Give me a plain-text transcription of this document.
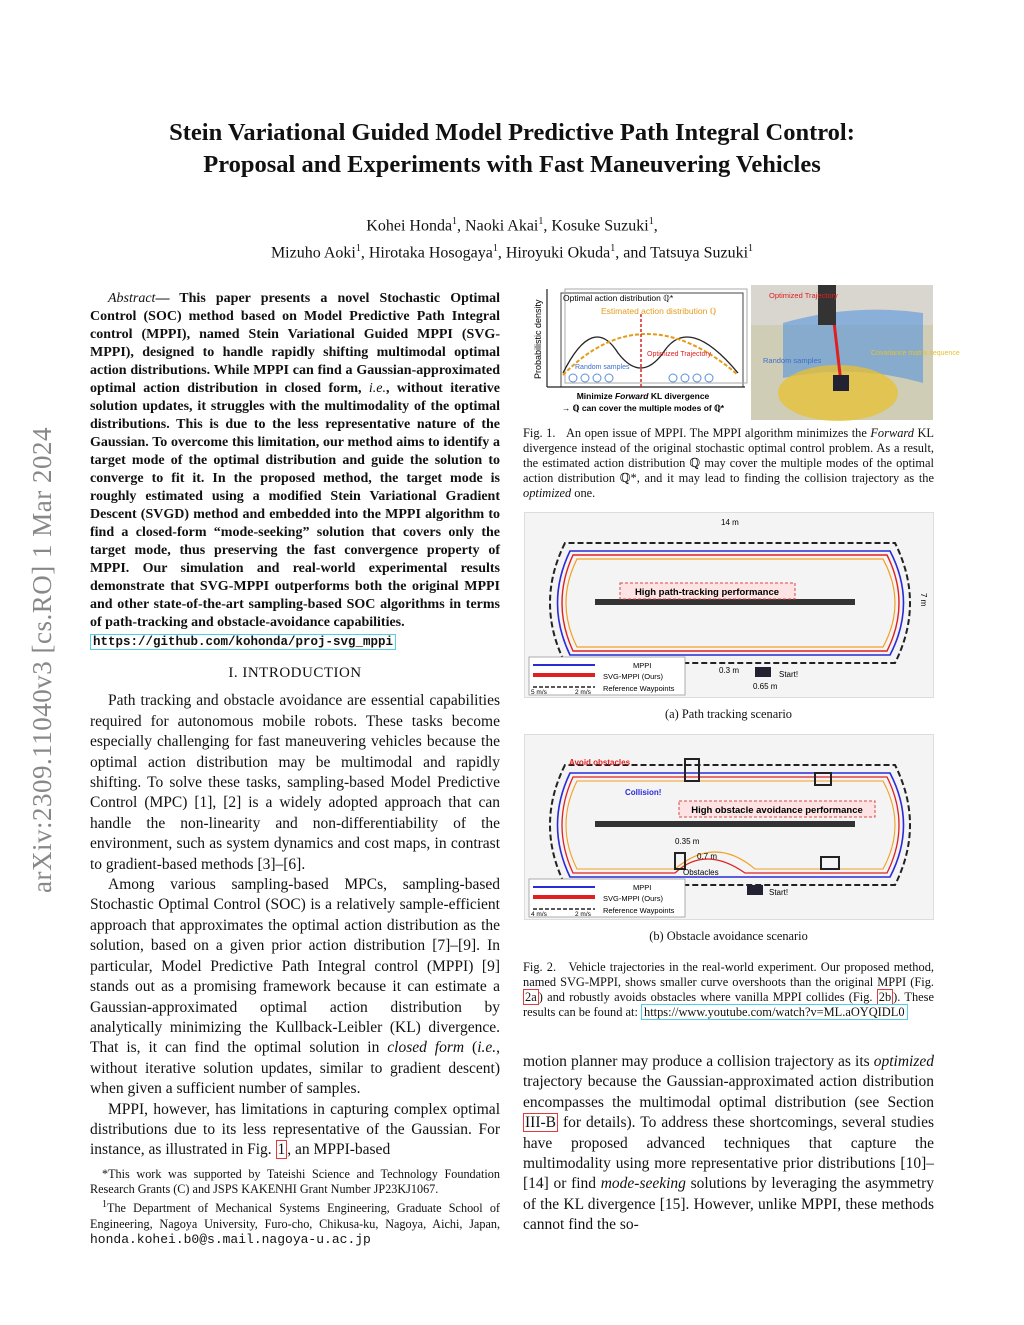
arXiv:2309.11040v3 [cs.RO] 1 Mar 2024
Stein Variational Guided Model Predictive Path Integral Control:
Proposal and Experiments with Fast Maneuvering Vehicles
Kohei Honda$^1$, Naoki Akai$^1$, Kosuke Suzuki$^1$,
Mizuho Aoki$^1$, Hirotaka Hosogaya$^1$, Hiroyuki Okuda$^1$, and Tatsuya Suzuki$^1$
Abstract— This paper presents a novel Stochastic Optimal Control (SOC) method based on Model Predictive Path Integral control (MPPI), named Stein Variational Guided MPPI (SVG-MPPI), designed to handle rapidly shifting multimodal optimal action distributions. While MPPI can find a Gaussian-approximated optimal action distribution in closed form, i.e., without iterative solution updates, it struggles with the multimodality of the optimal distributions. This is due to the less representative nature of the Gaussian. To overcome this limitation, our method aims to identify a target mode of the optimal distribution and guide the solution to converge to fit it. In the proposed method, the target mode is roughly estimated using a modified Stein Variational Gradient Descent (SVGD) method and embedded into the MPPI algorithm to find a closed-form “mode-seeking” solution that covers only the target mode, thus preserving the fast convergence property of MPPI. Our simulation and real-world experimental results demonstrate that SVG-MPPI outperforms both the original MPPI and other state-of-the-art sampling-based SOC algorithms in terms of path-tracking and obstacle-avoidance capabilities.
https://github.com/kohonda/proj-svg_mppi
I. INTRODUCTION

Path tracking and obstacle avoidance are essential capabilities required for autonomous mobile robots. These tasks become especially challenging for fast maneuvering vehicles because the optimal action distribution may be multimodal and rapidly shifting. To solve these tasks, sampling-based Model Predictive Control (MPC) [1], [2] is a widely adopted approach that can handle the non-linearity and non-differentiability of the environment, such as system dynamics and cost maps, in contrast to gradient-based methods [3]–[6].

Among various sampling-based MPCs, sampling-based Stochastic Optimal Control (SOC) is a relatively sample-efficient approach that approximates the optimal action distribution as the solution, based on a given prior action distribution [7]–[9]. In particular, Model Predictive Path Integral control (MPPI) [9] stands out as a promising framework because it can estimate a Gaussian-approximated optimal action distribution by analytically minimizing the Kullback-Leibler (KL) divergence. That is, it can find the optimal solution in closed form (i.e., without iterative solution updates, similar to gradient descent) when given a sufficient number of samples.

MPPI, however, has limitations in capturing complex optimal distributions due to its less representative of the Gaussian. For instance, as illustrated in Fig. 1 , an MPPI-based

*This work was supported by Tateishi Science and Technology Foundation Research Grants (C) and JSPS KAKENHI Grant Number JP23KJ1067.

$^1$The Department of Mechanical Systems Engineering, Graduate School of Engineering, Nagoya University, Furo-cho, Chikusa-ku, Nagoya, Aichi, Japan, honda.kohei.b0@s.mail.nagoya-u.ac.jp

Probabilistic density
Optimal action distribution ℚ*
Estimated action distribution ℚ
Random samples
Optimized Trajectory
Minimize Forward KL divergence
→ ℚ can cover the multiple modes of ℚ*
Optimized Trajectory
Random samples
Covariance matrix sequence
Fig. 1. An open issue of MPPI. The MPPI algorithm minimizes the Forward KL divergence instead of the original stochastic optimal control problem. As a result, the estimated action distribution ℚ may cover the multiple modes of the optimal action distribution ℚ*, and it may lead to finding the collision trajectory as the optimized one.
High path-tracking performance
14 m
7 m
MPPI
SVG-MPPI (Ours)
Reference Waypoints
5 m/s	2 m/s
0.3 m
0.65 m
Start!
(a) Path tracking scenario
Avoid obstacles
Collision!
High obstacle avoidance performance
0.35 m
0.7 m
Obstacles
MPPI
SVG-MPPI (Ours)
Reference Waypoints
4 m/s	2 m/s
Start!
(b) Obstacle avoidance scenario
Fig. 2. Vehicle trajectories in the real-world experiment. Our proposed method, named SVG-MPPI, shows smaller curve overshoots than the original MPPI (Fig. 2a ) and robustly avoids obstacles where vanilla MPPI collides (Fig. 2b ). These results can be found at: https://www.youtube.com/watch?v=ML.aOYQIDL0

motion planner may produce a collision trajectory as its optimized trajectory because the Gaussian-approximated action distribution encompasses the multimodal optimal distribution (see Section III-B for details). To address these shortcomings, several studies have proposed advanced techniques that capture the multimodality using more representative prior distributions [10]–[14] or find mode-seeking solutions by leveraging the asymmetry of the KL divergence [15]. However, unlike MPPI, these methods cannot find the so-
